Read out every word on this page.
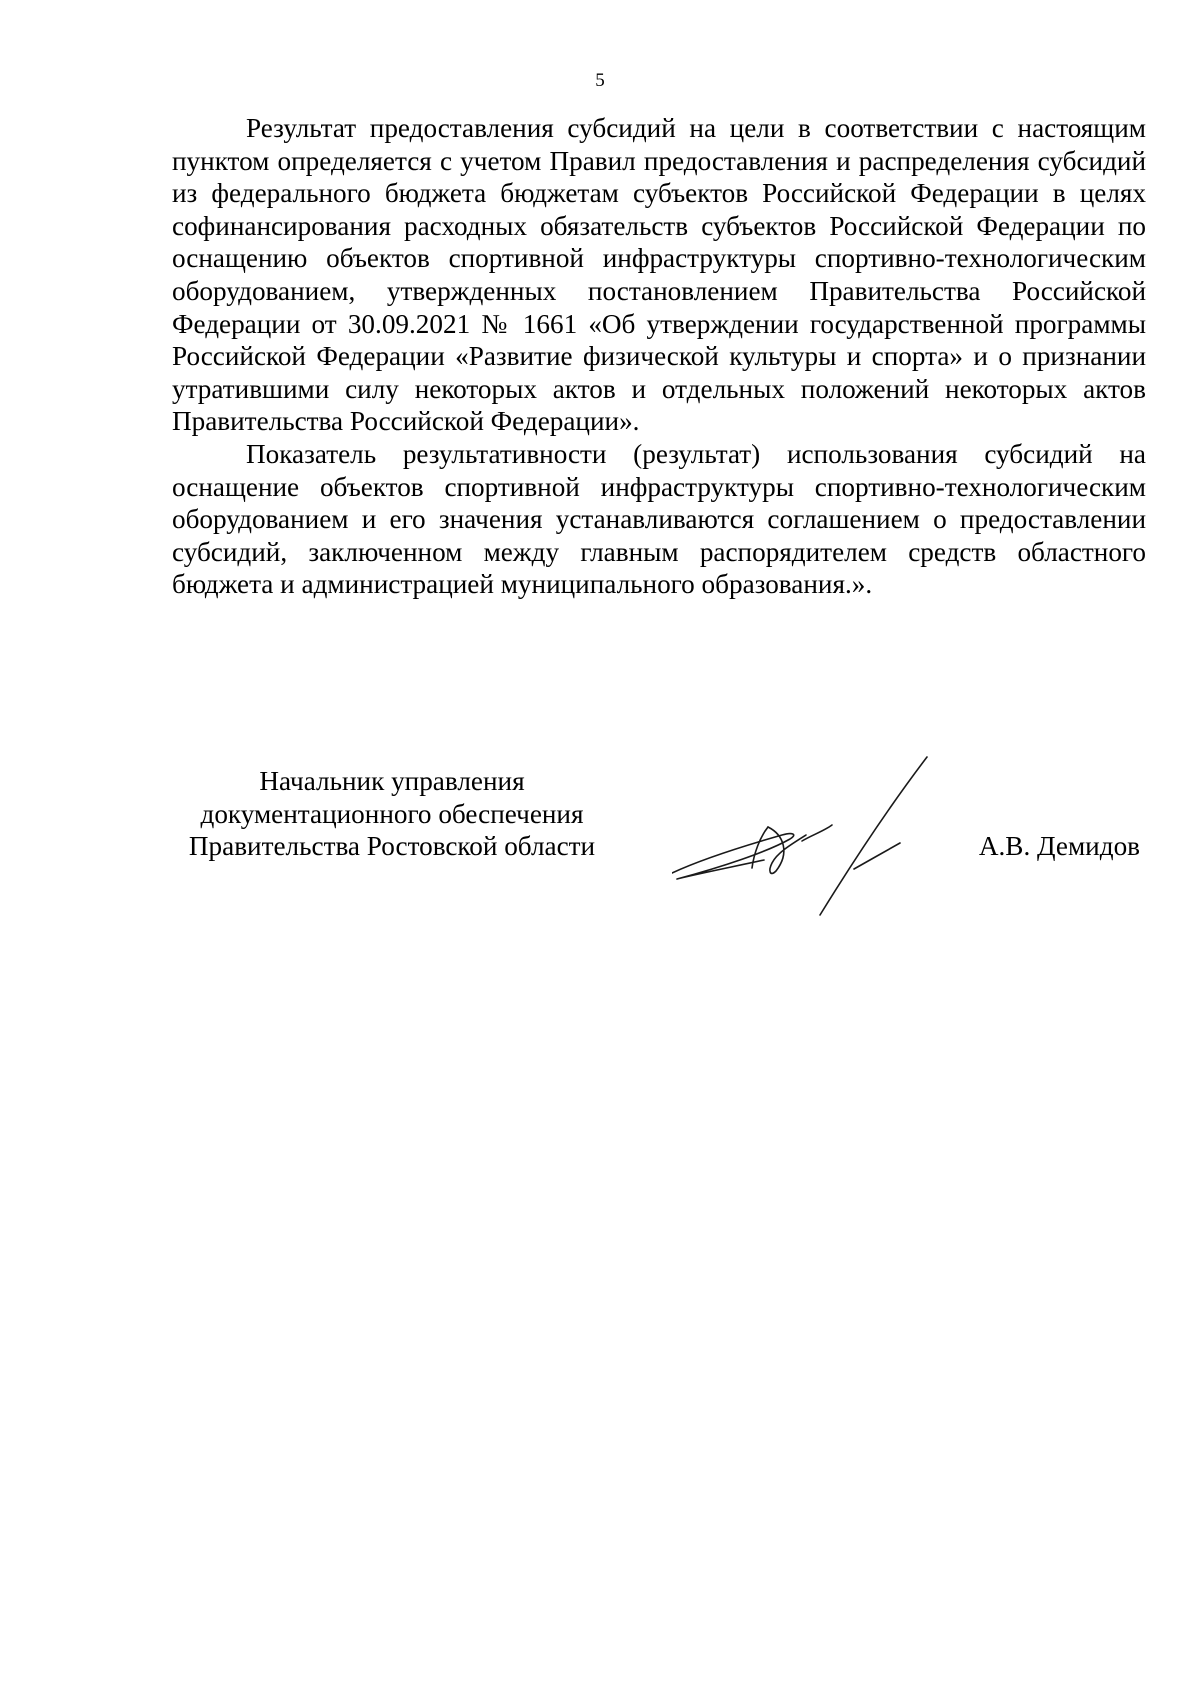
5

Результат предоставления субсидий на цели в соответствии с настоящим пунктом определяется с учетом Правил предоставления и распределения субсидий из федерального бюджета бюджетам субъектов Российской Федерации в целях софинансирования расходных обязательств субъектов Российской Федерации по оснащению объектов спортивной инфраструктуры спортивно-технологическим оборудованием, утвержденных постановлением Правительства Российской Федерации от 30.09.2021 № 1661 «Об утверждении государственной программы Российской Федерации «Развитие физической культуры и спорта» и о признании утратившими силу некоторых актов и отдельных положений некоторых актов Правительства Российской Федерации».

Показатель результативности (результат) использования субсидий на оснащение объектов спортивной инфраструктуры спортивно-технологическим оборудованием и его значения устанавливаются соглашением о предоставлении субсидий, заключенном между главным распорядителем средств областного бюджета и администрацией муниципального образования.».

Начальник управления
документационного обеспечения
Правительства Ростовской области	А.В. Демидов
